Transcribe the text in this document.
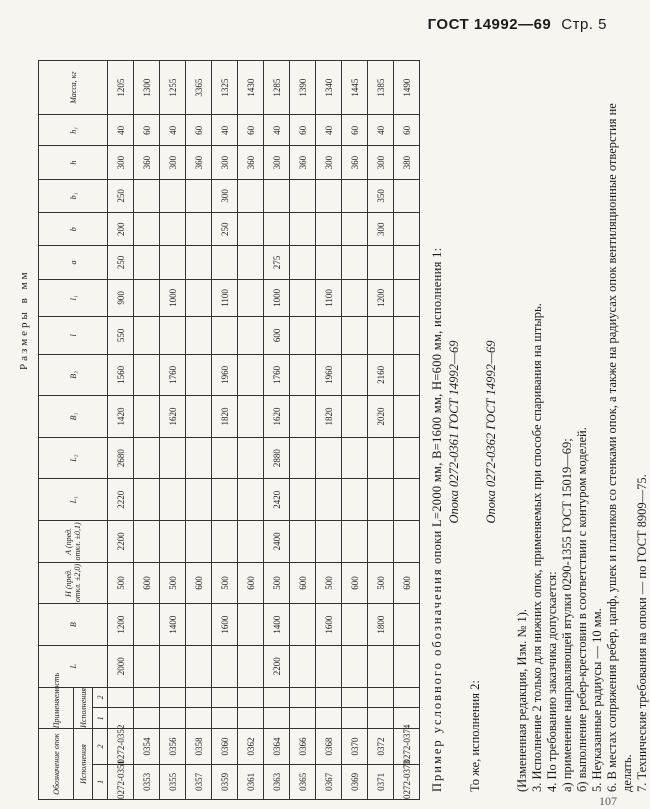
ГОСТ 14992—69 Стр. 5
Размеры в мм
Обозначение опок		Применяемость		L	B	H (пред. откл. ±2,0)	A (пред. откл. ±0,1)	L₁	L₂	B₁	B₂	l	l₁	a	b	b₁	h	h₁	Масса, кг
Исполнения		Исполнения																	
1	2	1	2																
0272-0351	0272-0352			2000	1200	500	2200	2220	2680	1420	1560	550	900	250	200	250	300	40	1205
0353	0354					600											360	60	1300
0355	0356				1400	500				1620	1760		1000				300	40	1255
0357	0358					600											360	60	3365
0359	0360				1600	500				1820	1960		1100		250	300	300	40	1325
0361	0362					600											360	60	1430
0363	0364			2200	1400	500	2400	2420	2880	1620	1760	600	1000	275			300	40	1285
0365	0366					600											360	60	1390
0367	0368				1600	500				1820	1960		1100				300	40	1340
0369	0370					600											360	60	1445
0371	0372				1800	500				2020	2160		1200		300	350	300	40	1385
0272-0373	0272-0374					600											380	60	1490

Пример условного обозначения опоки L=2000 мм, B=1600 мм, H=600 мм, исполнения 1: Опока 0272-0361 ГОСТ 14992—69

То же, исполнения 2:

Опока 0272-0362 ГОСТ 14992—69

(Измененная редакция, Изм. № 1). 3. Исполнение 2 только для нижних опок, применяемых при способе спаривания на штырь. 4. По требованию заказчика допускается: а) применение направляющей втулки 0290-1355 ГОСТ 15019—69; б) выполнение ребер-крестовин в соответствии с контуром моделей. 5. Неуказанные радиусы — 10 мм. 6. В местах сопряжения ребер, цапф, ушек и платиков со стенками опок, а также на радиусах опок вентиляционные отверстия не делать. 7. Технические требования на опоки — по ГОСТ 8909—75.

107
